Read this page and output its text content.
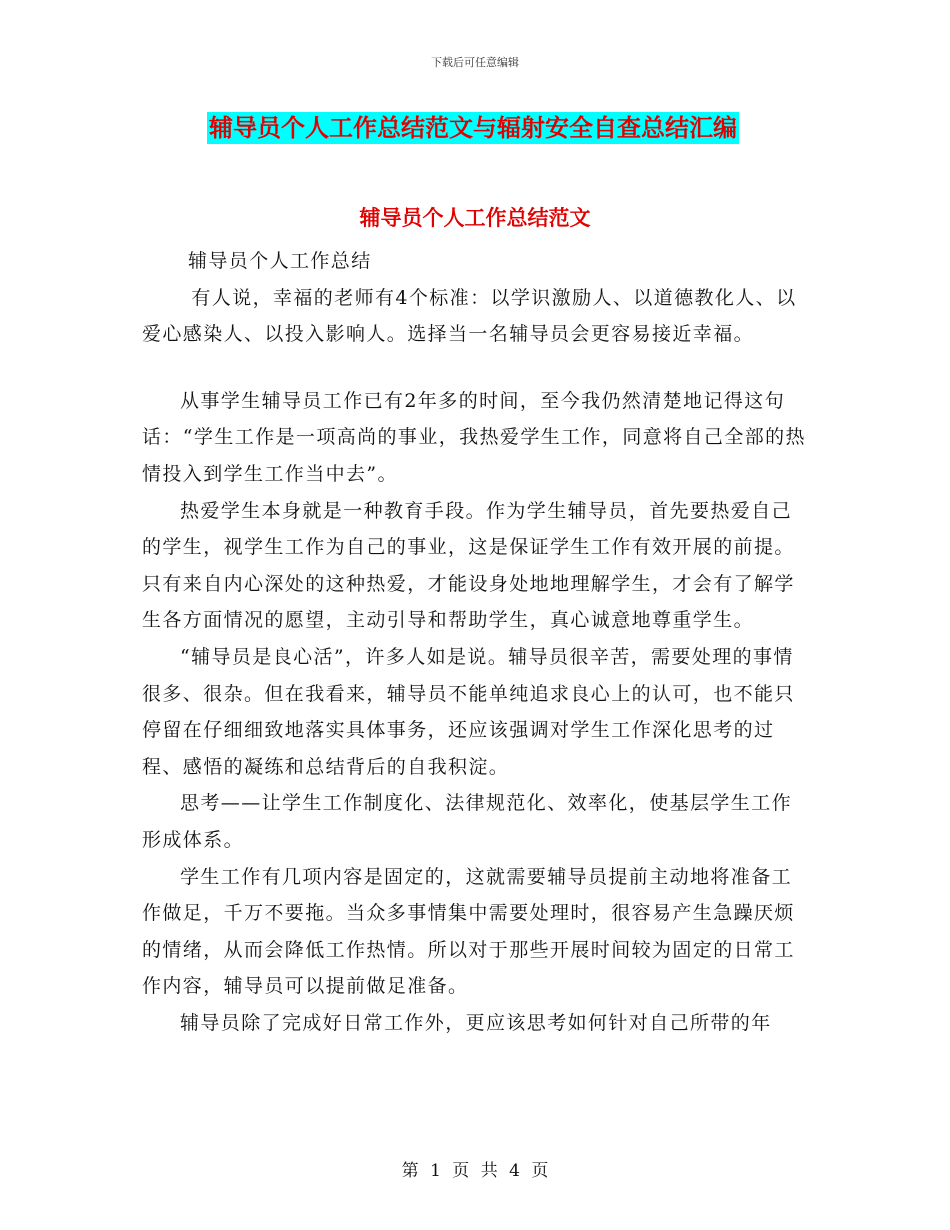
下载后可任意编辑
辅导员个人工作总结范文与辐射安全自查总结汇编
辅导员个人工作总结范文

辅导员个人工作总结

有人说，幸福的老师有4个标准：以学识激励人、以道德教化人、以爱心感染人、以投入影响人。选择当一名辅导员会更容易接近幸福。

从事学生辅导员工作已有2年多的时间，至今我仍然清楚地记得这句话：“学生工作是一项高尚的事业，我热爱学生工作，同意将自己全部的热情投入到学生工作当中去”。

热爱学生本身就是一种教育手段。作为学生辅导员，首先要热爱自己的学生，视学生工作为自己的事业，这是保证学生工作有效开展的前提。只有来自内心深处的这种热爱，才能设身处地地理解学生，才会有了解学生各方面情况的愿望，主动引导和帮助学生，真心诚意地尊重学生。

“辅导员是良心活”，许多人如是说。辅导员很辛苦，需要处理的事情很多、很杂。但在我看来，辅导员不能单纯追求良心上的认可，也不能只停留在仔细细致地落实具体事务，还应该强调对学生工作深化思考的过程、感悟的凝练和总结背后的自我积淀。

思考——让学生工作制度化、法律规范化、效率化，使基层学生工作形成体系。

学生工作有几项内容是固定的，这就需要辅导员提前主动地将准备工作做足，千万不要拖。当众多事情集中需要处理时，很容易产生急躁厌烦的情绪，从而会降低工作热情。所以对于那些开展时间较为固定的日常工作内容，辅导员可以提前做足准备。

辅导员除了完成好日常工作外，更应该思考如何针对自己所带的年

第 1 页 共 4 页
